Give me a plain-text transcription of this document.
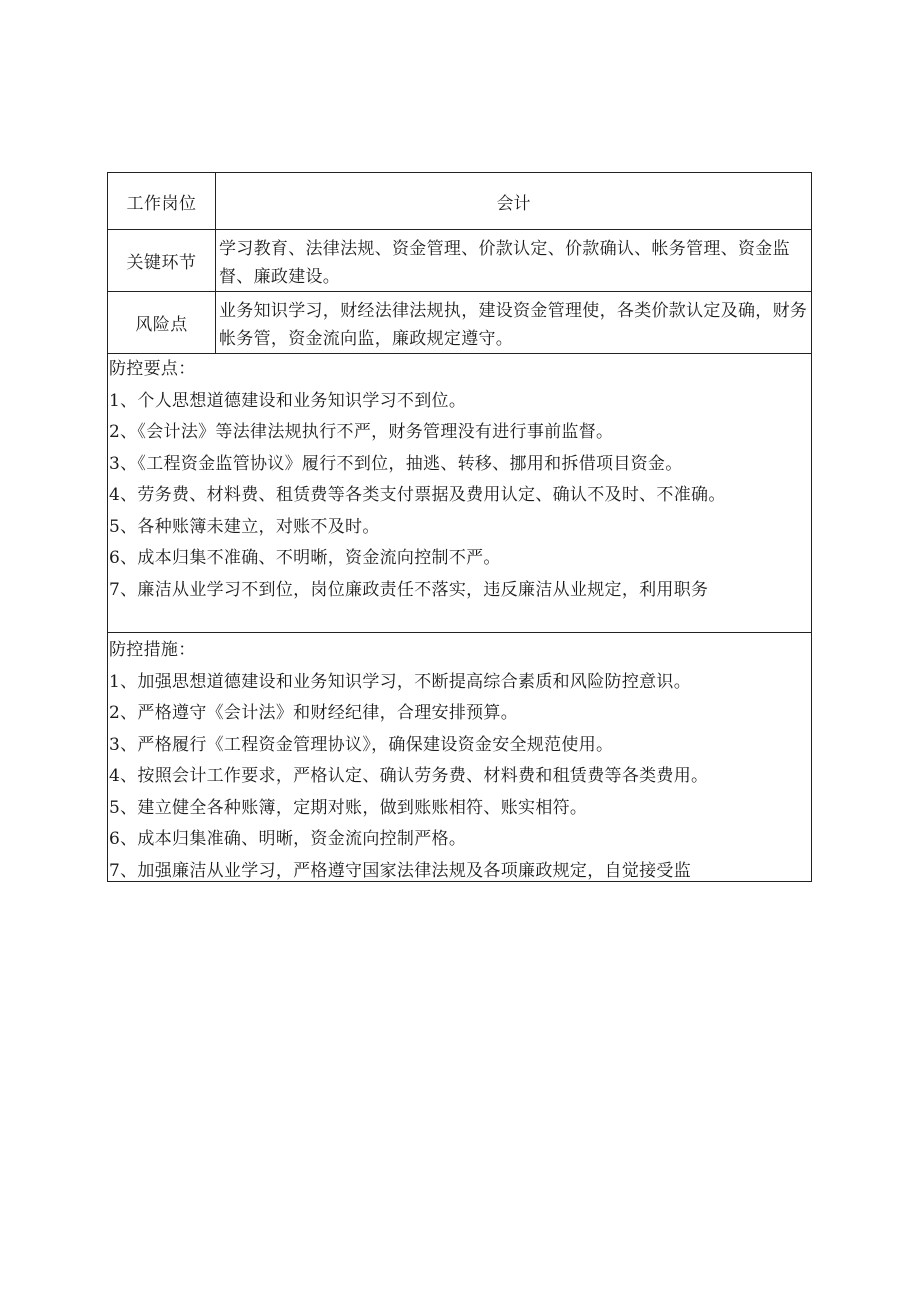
工作岗位	会计
关键环节
学习教育、法律法规、资金管理、价款认定、价款确认、帐务管理、资金监督、廉政建设。
风险点
业务知识学习，财经法律法规执，建设资金管理使，各类价款认定及确，财务帐务管，资金流向监，廉政规定遵守。

防控要点：

1、个人思想道德建设和业务知识学习不到位。

2、《会计法》等法律法规执行不严，财务管理没有进行事前监督。

3、《工程资金监管协议》履行不到位，抽逃、转移、挪用和拆借项目资金。

4、劳务费、材料费、租赁费等各类支付票据及费用认定、确认不及时、不准确。

5、各种账簿未建立，对账不及时。

6、成本归集不准确、不明晰，资金流向控制不严。

7、廉洁从业学习不到位，岗位廉政责任不落实，违反廉洁从业规定，利用职务

防控措施：

1、加强思想道德建设和业务知识学习，不断提高综合素质和风险防控意识。

2、严格遵守《会计法》和财经纪律，合理安排预算。

3、严格履行《工程资金管理协议》，确保建设资金安全规范使用。

4、按照会计工作要求，严格认定、确认劳务费、材料费和租赁费等各类费用。

5、建立健全各种账簿，定期对账，做到账账相符、账实相符。

6、成本归集准确、明晰，资金流向控制严格。

7、加强廉洁从业学习，严格遵守国家法律法规及各项廉政规定，自觉接受监
